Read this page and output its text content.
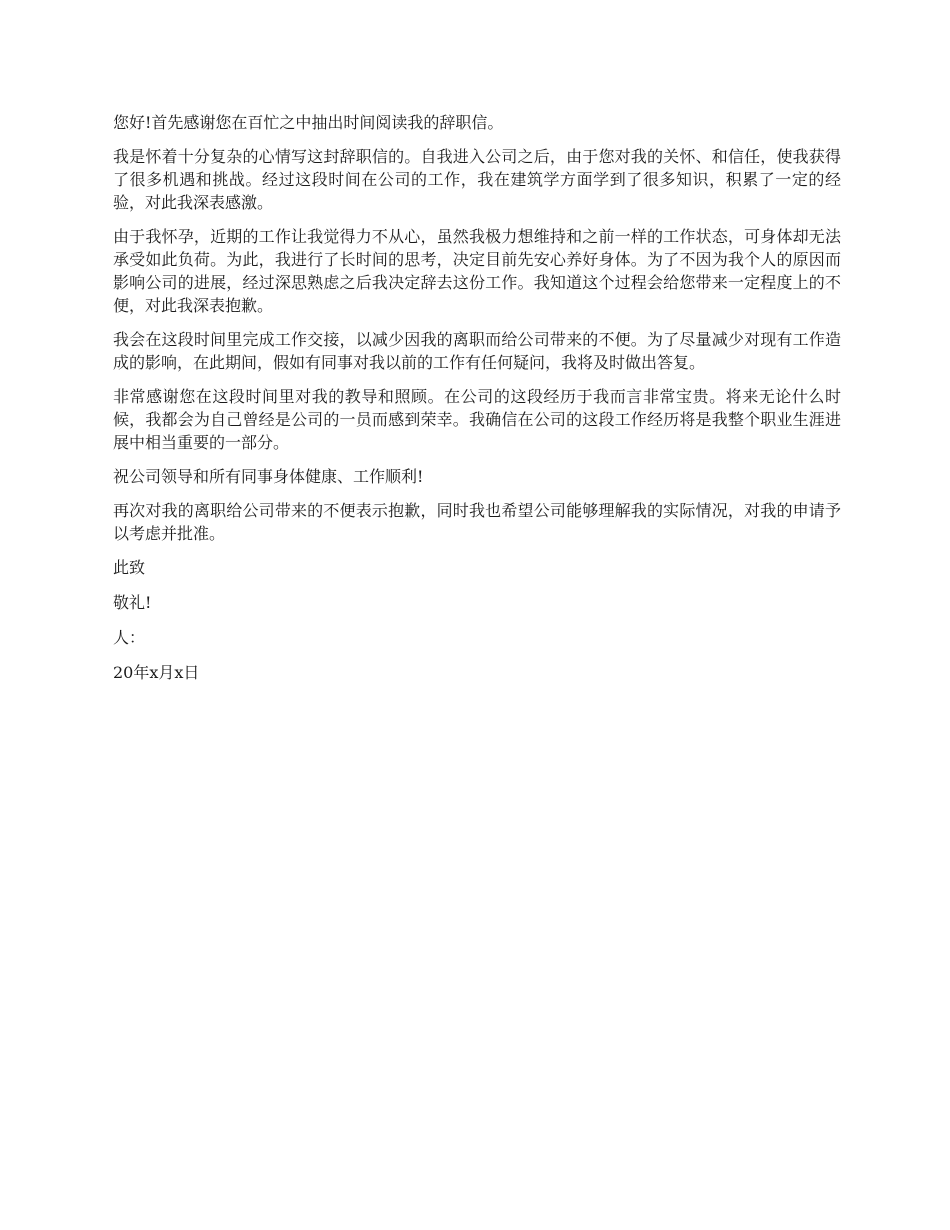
您好!首先感谢您在百忙之中抽出时间阅读我的辞职信。

我是怀着十分复杂的心情写这封辞职信的。自我进入公司之后，由于您对我的关怀、和信任，使我获得了很多机遇和挑战。经过这段时间在公司的工作，我在建筑学方面学到了很多知识，积累了一定的经验，对此我深表感激。

由于我怀孕，近期的工作让我觉得力不从心，虽然我极力想维持和之前一样的工作状态，可身体却无法承受如此负荷。为此，我进行了长时间的思考，决定目前先安心养好身体。为了不因为我个人的原因而影响公司的进展，经过深思熟虑之后我决定辞去这份工作。我知道这个过程会给您带来一定程度上的不便，对此我深表抱歉。

我会在这段时间里完成工作交接，以减少因我的离职而给公司带来的不便。为了尽量减少对现有工作造成的影响，在此期间，假如有同事对我以前的工作有任何疑问，我将及时做出答复。

非常感谢您在这段时间里对我的教导和照顾。在公司的这段经历于我而言非常宝贵。将来无论什么时候，我都会为自己曾经是公司的一员而感到荣幸。我确信在公司的这段工作经历将是我整个职业生涯进展中相当重要的一部分。

祝公司领导和所有同事身体健康、工作顺利!

再次对我的离职给公司带来的不便表示抱歉，同时我也希望公司能够理解我的实际情况，对我的申请予以考虑并批准。

此致

敬礼!

人：

20年x月x日
